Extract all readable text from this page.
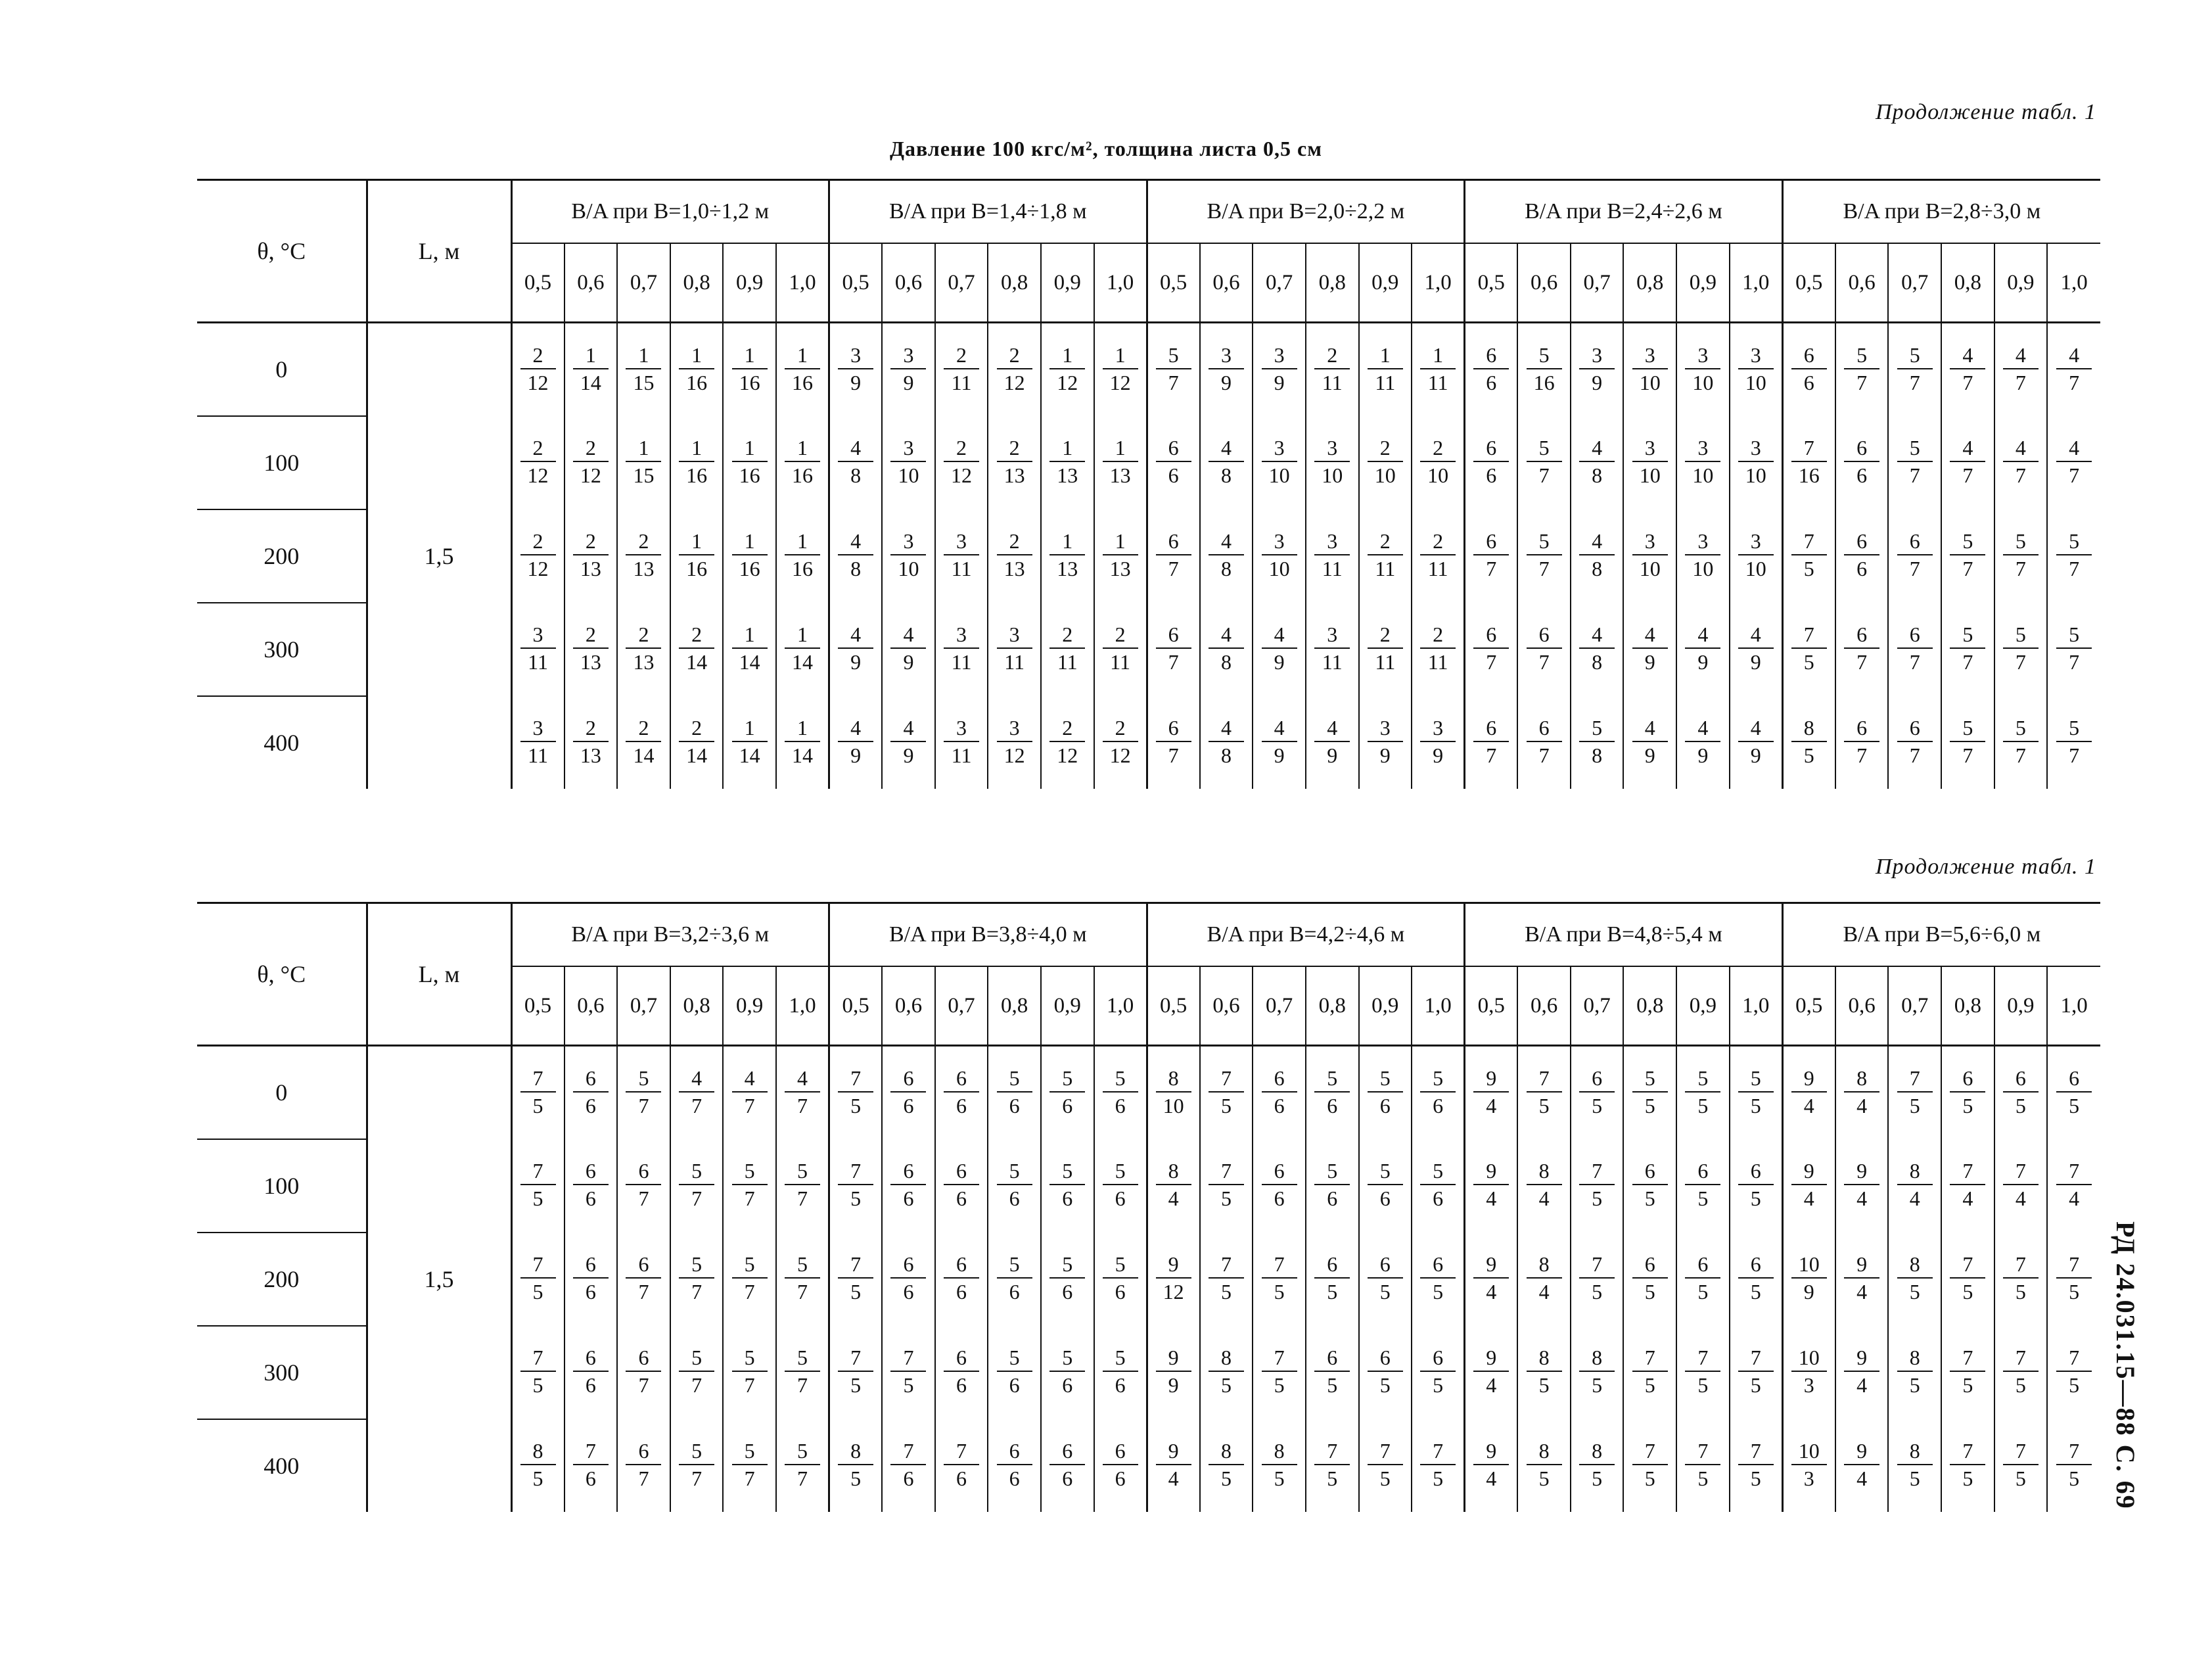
Продолжение табл. 1
Давление 100 кгс/м², толщина листа 0,5 см
Продолжение табл. 1
РД 24.031.15—88 С. 69
θ, °C	L, м	B/A при B=1,0÷1,2 м						B/A при B=1,4÷1,8 м						B/A при B=2,0÷2,2 м						B/A при B=2,4÷2,6 м						B/A при B=2,8÷3,0 м					
		0,5	0,6	0,7	0,8	0,9	1,0	0,5	0,6	0,7	0,8	0,9	1,0	0,5	0,6	0,7	0,8	0,9	1,0	0,5	0,6	0,7	0,8	0,9	1,0	0,5	0,6	0,7	0,8	0,9	1,0
0	1,5	$\frac{2}{12}$	$\frac{1}{14}$	$\frac{1}{15}$	$\frac{1}{16}$	$\frac{1}{16}$	$\frac{1}{16}$	$\frac{3}{9}$	$\frac{3}{9}$	$\frac{2}{11}$	$\frac{2}{12}$	$\frac{1}{12}$	$\frac{1}{12}$	$\frac{5}{7}$	$\frac{3}{9}$	$\frac{3}{9}$	$\frac{2}{11}$	$\frac{1}{11}$	$\frac{1}{11}$	$\frac{6}{6}$	$\frac{5}{16}$	$\frac{3}{9}$	$\frac{3}{10}$	$\frac{3}{10}$	$\frac{3}{10}$	$\frac{6}{6}$	$\frac{5}{7}$	$\frac{5}{7}$	$\frac{4}{7}$	$\frac{4}{7}$	$\frac{4}{7}$

100		$\frac{2}{12}$	$\frac{2}{12}$	$\frac{1}{15}$	$\frac{1}{16}$	$\frac{1}{16}$	$\frac{1}{16}$	$\frac{4}{8}$	$\frac{3}{10}$	$\frac{2}{12}$	$\frac{2}{13}$	$\frac{1}{13}$	$\frac{1}{13}$	$\frac{6}{6}$	$\frac{4}{8}$	$\frac{3}{10}$	$\frac{3}{10}$	$\frac{2}{10}$	$\frac{2}{10}$	$\frac{6}{6}$	$\frac{5}{7}$	$\frac{4}{8}$	$\frac{3}{10}$	$\frac{3}{10}$	$\frac{3}{10}$	$\frac{7}{16}$	$\frac{6}{6}$	$\frac{5}{7}$	$\frac{4}{7}$	$\frac{4}{7}$	$\frac{4}{7}$

200		$\frac{2}{12}$	$\frac{2}{13}$	$\frac{2}{13}$	$\frac{1}{16}$	$\frac{1}{16}$	$\frac{1}{16}$	$\frac{4}{8}$	$\frac{3}{10}$	$\frac{3}{11}$	$\frac{2}{13}$	$\frac{1}{13}$	$\frac{1}{13}$	$\frac{6}{7}$	$\frac{4}{8}$	$\frac{3}{10}$	$\frac{3}{11}$	$\frac{2}{11}$	$\frac{2}{11}$	$\frac{6}{7}$	$\frac{5}{7}$	$\frac{4}{8}$	$\frac{3}{10}$	$\frac{3}{10}$	$\frac{3}{10}$	$\frac{7}{5}$	$\frac{6}{6}$	$\frac{6}{7}$	$\frac{5}{7}$	$\frac{5}{7}$	$\frac{5}{7}$

300		$\frac{3}{11}$	$\frac{2}{13}$	$\frac{2}{13}$	$\frac{2}{14}$	$\frac{1}{14}$	$\frac{1}{14}$	$\frac{4}{9}$	$\frac{4}{9}$	$\frac{3}{11}$	$\frac{3}{11}$	$\frac{2}{11}$	$\frac{2}{11}$	$\frac{6}{7}$	$\frac{4}{8}$	$\frac{4}{9}$	$\frac{3}{11}$	$\frac{2}{11}$	$\frac{2}{11}$	$\frac{6}{7}$	$\frac{6}{7}$	$\frac{4}{8}$	$\frac{4}{9}$	$\frac{4}{9}$	$\frac{4}{9}$	$\frac{7}{5}$	$\frac{6}{7}$	$\frac{6}{7}$	$\frac{5}{7}$	$\frac{5}{7}$	$\frac{5}{7}$

400		$\frac{3}{11}$	$\frac{2}{13}$	$\frac{2}{14}$	$\frac{2}{14}$	$\frac{1}{14}$	$\frac{1}{14}$	$\frac{4}{9}$	$\frac{4}{9}$	$\frac{3}{11}$	$\frac{3}{12}$	$\frac{2}{12}$	$\frac{2}{12}$	$\frac{6}{7}$	$\frac{4}{8}$	$\frac{4}{9}$	$\frac{4}{9}$	$\frac{3}{9}$	$\frac{3}{9}$	$\frac{6}{7}$	$\frac{6}{7}$	$\frac{5}{8}$	$\frac{4}{9}$	$\frac{4}{9}$	$\frac{4}{9}$	$\frac{8}{5}$	$\frac{6}{7}$	$\frac{6}{7}$	$\frac{5}{7}$	$\frac{5}{7}$	$\frac{5}{7}$
θ, °C	L, м	B/A при B=3,2÷3,6 м						B/A при B=3,8÷4,0 м						B/A при B=4,2÷4,6 м						B/A при B=4,8÷5,4 м						B/A при B=5,6÷6,0 м					
		0,5	0,6	0,7	0,8	0,9	1,0	0,5	0,6	0,7	0,8	0,9	1,0	0,5	0,6	0,7	0,8	0,9	1,0	0,5	0,6	0,7	0,8	0,9	1,0	0,5	0,6	0,7	0,8	0,9	1,0
0	1,5	$\frac{7}{5}$	$\frac{6}{6}$	$\frac{5}{7}$	$\frac{4}{7}$	$\frac{4}{7}$	$\frac{4}{7}$	$\frac{7}{5}$	$\frac{6}{6}$	$\frac{6}{6}$	$\frac{5}{6}$	$\frac{5}{6}$	$\frac{5}{6}$	$\frac{8}{10}$	$\frac{7}{5}$	$\frac{6}{6}$	$\frac{5}{6}$	$\frac{5}{6}$	$\frac{5}{6}$	$\frac{9}{4}$	$\frac{7}{5}$	$\frac{6}{5}$	$\frac{5}{5}$	$\frac{5}{5}$	$\frac{5}{5}$	$\frac{9}{4}$	$\frac{8}{4}$	$\frac{7}{5}$	$\frac{6}{5}$	$\frac{6}{5}$	$\frac{6}{5}$

100		$\frac{7}{5}$	$\frac{6}{6}$	$\frac{6}{7}$	$\frac{5}{7}$	$\frac{5}{7}$	$\frac{5}{7}$	$\frac{7}{5}$	$\frac{6}{6}$	$\frac{6}{6}$	$\frac{5}{6}$	$\frac{5}{6}$	$\frac{5}{6}$	$\frac{8}{4}$	$\frac{7}{5}$	$\frac{6}{6}$	$\frac{5}{6}$	$\frac{5}{6}$	$\frac{5}{6}$	$\frac{9}{4}$	$\frac{8}{4}$	$\frac{7}{5}$	$\frac{6}{5}$	$\frac{6}{5}$	$\frac{6}{5}$	$\frac{9}{4}$	$\frac{9}{4}$	$\frac{8}{4}$	$\frac{7}{4}$	$\frac{7}{4}$	$\frac{7}{4}$

200		$\frac{7}{5}$	$\frac{6}{6}$	$\frac{6}{7}$	$\frac{5}{7}$	$\frac{5}{7}$	$\frac{5}{7}$	$\frac{7}{5}$	$\frac{6}{6}$	$\frac{6}{6}$	$\frac{5}{6}$	$\frac{5}{6}$	$\frac{5}{6}$	$\frac{9}{12}$	$\frac{7}{5}$	$\frac{7}{5}$	$\frac{6}{5}$	$\frac{6}{5}$	$\frac{6}{5}$	$\frac{9}{4}$	$\frac{8}{4}$	$\frac{7}{5}$	$\frac{6}{5}$	$\frac{6}{5}$	$\frac{6}{5}$	$\frac{10}{9}$	$\frac{9}{4}$	$\frac{8}{5}$	$\frac{7}{5}$	$\frac{7}{5}$	$\frac{7}{5}$

300		$\frac{7}{5}$	$\frac{6}{6}$	$\frac{6}{7}$	$\frac{5}{7}$	$\frac{5}{7}$	$\frac{5}{7}$	$\frac{7}{5}$	$\frac{7}{5}$	$\frac{6}{6}$	$\frac{5}{6}$	$\frac{5}{6}$	$\frac{5}{6}$	$\frac{9}{9}$	$\frac{8}{5}$	$\frac{7}{5}$	$\frac{6}{5}$	$\frac{6}{5}$	$\frac{6}{5}$	$\frac{9}{4}$	$\frac{8}{5}$	$\frac{8}{5}$	$\frac{7}{5}$	$\frac{7}{5}$	$\frac{7}{5}$	$\frac{10}{3}$	$\frac{9}{4}$	$\frac{8}{5}$	$\frac{7}{5}$	$\frac{7}{5}$	$\frac{7}{5}$

400		$\frac{8}{5}$	$\frac{7}{6}$	$\frac{6}{7}$	$\frac{5}{7}$	$\frac{5}{7}$	$\frac{5}{7}$	$\frac{8}{5}$	$\frac{7}{6}$	$\frac{7}{6}$	$\frac{6}{6}$	$\frac{6}{6}$	$\frac{6}{6}$	$\frac{9}{4}$	$\frac{8}{5}$	$\frac{8}{5}$	$\frac{7}{5}$	$\frac{7}{5}$	$\frac{7}{5}$	$\frac{9}{4}$	$\frac{8}{5}$	$\frac{8}{5}$	$\frac{7}{5}$	$\frac{7}{5}$	$\frac{7}{5}$	$\frac{10}{3}$	$\frac{9}{4}$	$\frac{8}{5}$	$\frac{7}{5}$	$\frac{7}{5}$	$\frac{7}{5}$
